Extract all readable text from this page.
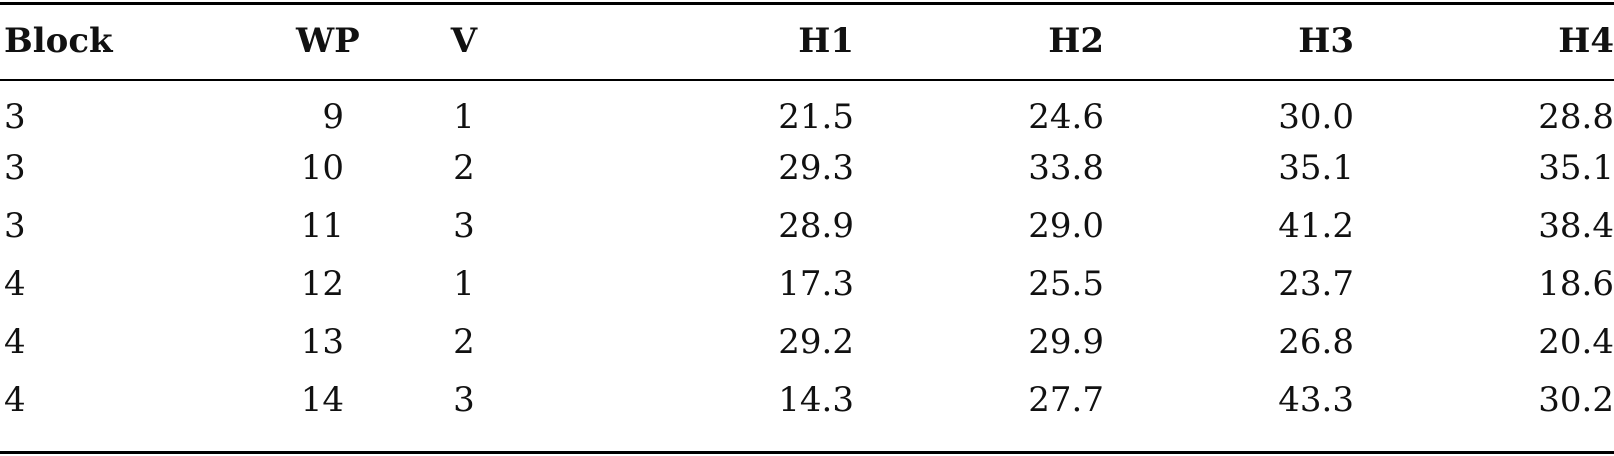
Block	WP	V	H1	H2	H3	H4
3	9	1	21.5	24.6	30.0	28.8
3	10	2	29.3	33.8	35.1	35.1
3	11	3	28.9	29.0	41.2	38.4
4	12	1	17.3	25.5	23.7	18.6
4	13	2	29.2	29.9	26.8	20.4
4	14	3	14.3	27.7	43.3	30.2
